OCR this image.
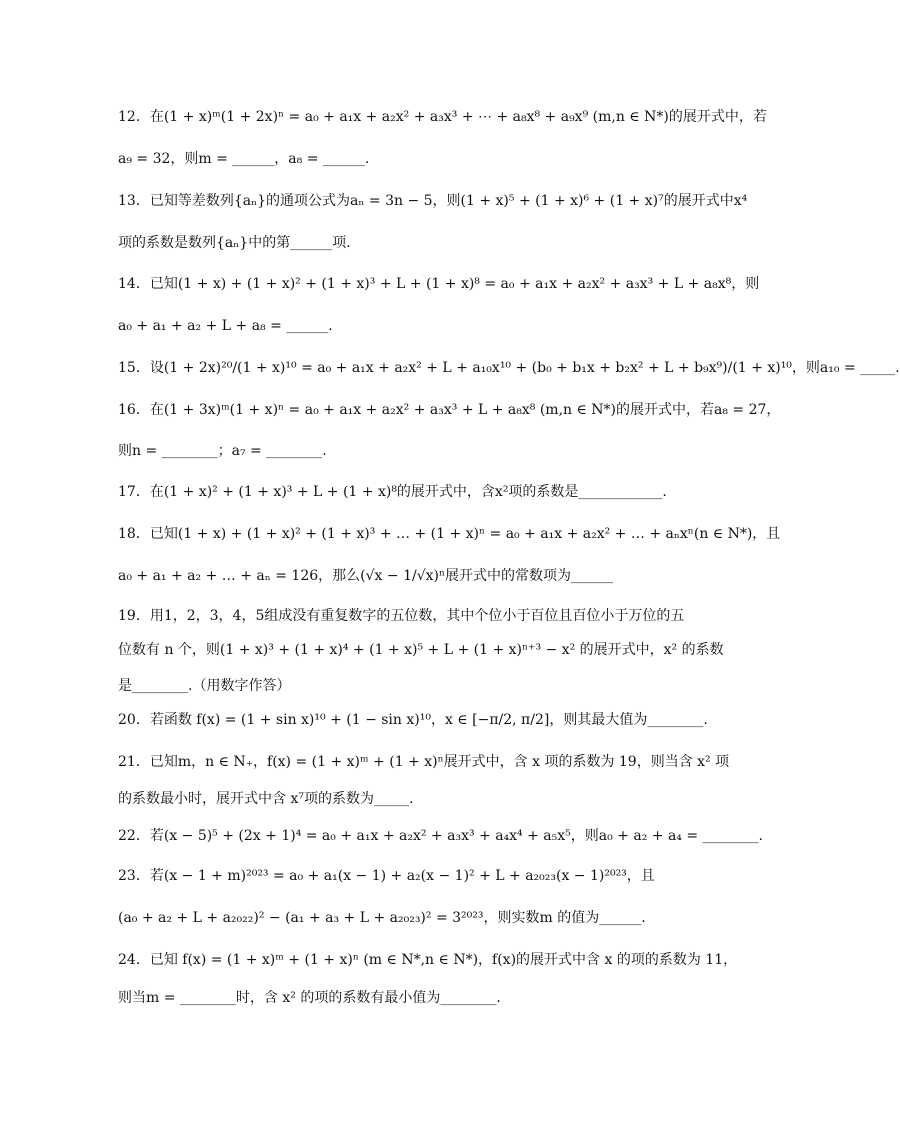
12．在(1 + x)ᵐ(1 + 2x)ⁿ = a₀ + a₁x + a₂x² + a₃x³ + ⋯ + a₈x⁸ + a₉x⁹ (m,n ∈ N*)的展开式中，若
a₉ = 32，则m = ______，a₈ = ______.
13．已知等差数列{aₙ}的通项公式为aₙ = 3n − 5，则(1 + x)⁵ + (1 + x)⁶ + (1 + x)⁷的展开式中x⁴
项的系数是数列{aₙ}中的第______项．
14．已知(1 + x) + (1 + x)² + (1 + x)³ + L + (1 + x)⁸ = a₀ + a₁x + a₂x² + a₃x³ + L + a₈x⁸，则
a₀ + a₁ + a₂ + L + a₈ = ______.
15．设(1 + 2x)²⁰/(1 + x)¹⁰ = a₀ + a₁x + a₂x² + L + a₁₀x¹⁰ + (b₀ + b₁x + b₂x² + L + b₉x⁹)/(1 + x)¹⁰，则a₁₀ = _____.
16．在(1 + 3x)ᵐ(1 + x)ⁿ = a₀ + a₁x + a₂x² + a₃x³ + L + a₈x⁸ (m,n ∈ N*)的展开式中，若a₈ = 27，
则n = ________；a₇ = ________.
17．在(1 + x)² + (1 + x)³ + L + (1 + x)⁸的展开式中，含x²项的系数是____________.
18．已知(1 + x) + (1 + x)² + (1 + x)³ + … + (1 + x)ⁿ = a₀ + a₁x + a₂x² + … + aₙxⁿ(n ∈ N*)，且
a₀ + a₁ + a₂ + … + aₙ = 126，那么(√x − 1/√x)ⁿ展开式中的常数项为______
19．用1，2，3，4，5组成没有重复数字的五位数，其中个位小于百位且百位小于万位的五
位数有 n 个，则(1 + x)³ + (1 + x)⁴ + (1 + x)⁵ + L + (1 + x)ⁿ⁺³ − x² 的展开式中，x² 的系数
是________.（用数字作答）
20．若函数 f(x) = (1 + sin x)¹⁰ + (1 − sin x)¹⁰，x ∈ [−π/2, π/2]，则其最大值为________.
21．已知m，n ∈ N₊，f(x) = (1 + x)ᵐ + (1 + x)ⁿ展开式中，含 x 项的系数为 19，则当含 x² 项
的系数最小时，展开式中含 x⁷项的系数为_____.
22．若(x − 5)⁵ + (2x + 1)⁴ = a₀ + a₁x + a₂x² + a₃x³ + a₄x⁴ + a₅x⁵，则a₀ + a₂ + a₄ = ________.
23．若(x − 1 + m)²⁰²³ = a₀ + a₁(x − 1) + a₂(x − 1)² + L + a₂₀₂₃(x − 1)²⁰²³，且
(a₀ + a₂ + L + a₂₀₂₂)² − (a₁ + a₃ + L + a₂₀₂₃)² = 3²⁰²³，则实数m 的值为______.
24．已知 f(x) = (1 + x)ᵐ + (1 + x)ⁿ (m ∈ N*,n ∈ N*)，f(x)的展开式中含 x 的项的系数为 11，
则当m = ________时，含 x² 的项的系数有最小值为________.
